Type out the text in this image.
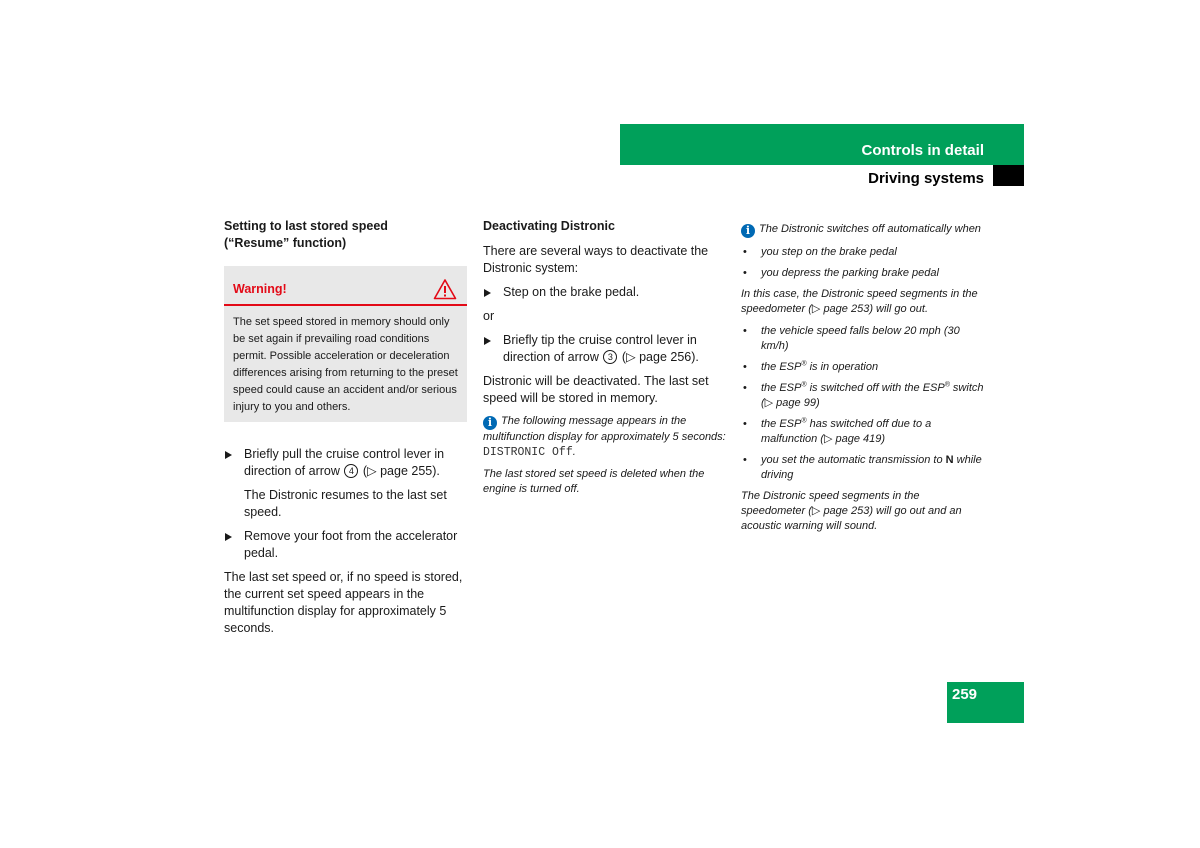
Controls in detail
Driving systems
Setting to last stored speed
(“Resume” function)
Warning!
The set speed stored in memory should only be set again if prevailing road conditions permit. Possible acceleration or deceleration differences arising from returning to the preset speed could cause an accident and/or serious injury to you and others.
Briefly pull the cruise control lever in direction of arrow 4 (▷ page 255).

The Distronic resumes to the last set speed.

Remove your foot from the accelerator pedal.

The last set speed or, if no speed is stored, the current set speed appears in the multifunction display for approximately 5 seconds.

Deactivating Distronic

There are several ways to deactivate the Distronic system:

Step on the brake pedal.

or

Briefly tip the cruise control lever in direction of arrow 3 (▷ page 256).

Distronic will be deactivated. The last set speed will be stored in memory.

i The following message appears in the multifunction display for approximately 5 seconds: DISTRONIC Off.
The last stored set speed is deleted when the engine is turned off.

i The Distronic switches off automatically when

• you step on the brake pedal
• you depress the parking brake pedal

In this case, the Distronic speed segments in the speedometer (▷ page 253) will go out.

• the vehicle speed falls below 20 mph (30 km/h)
• the ESP® is in operation
• the ESP® is switched off with the ESP® switch (▷ page 99)
• the ESP® has switched off due to a malfunction (▷ page 419)
• you set the automatic transmission to N while driving

The Distronic speed segments in the speedometer (▷ page 253) will go out and an acoustic warning will sound.

259
